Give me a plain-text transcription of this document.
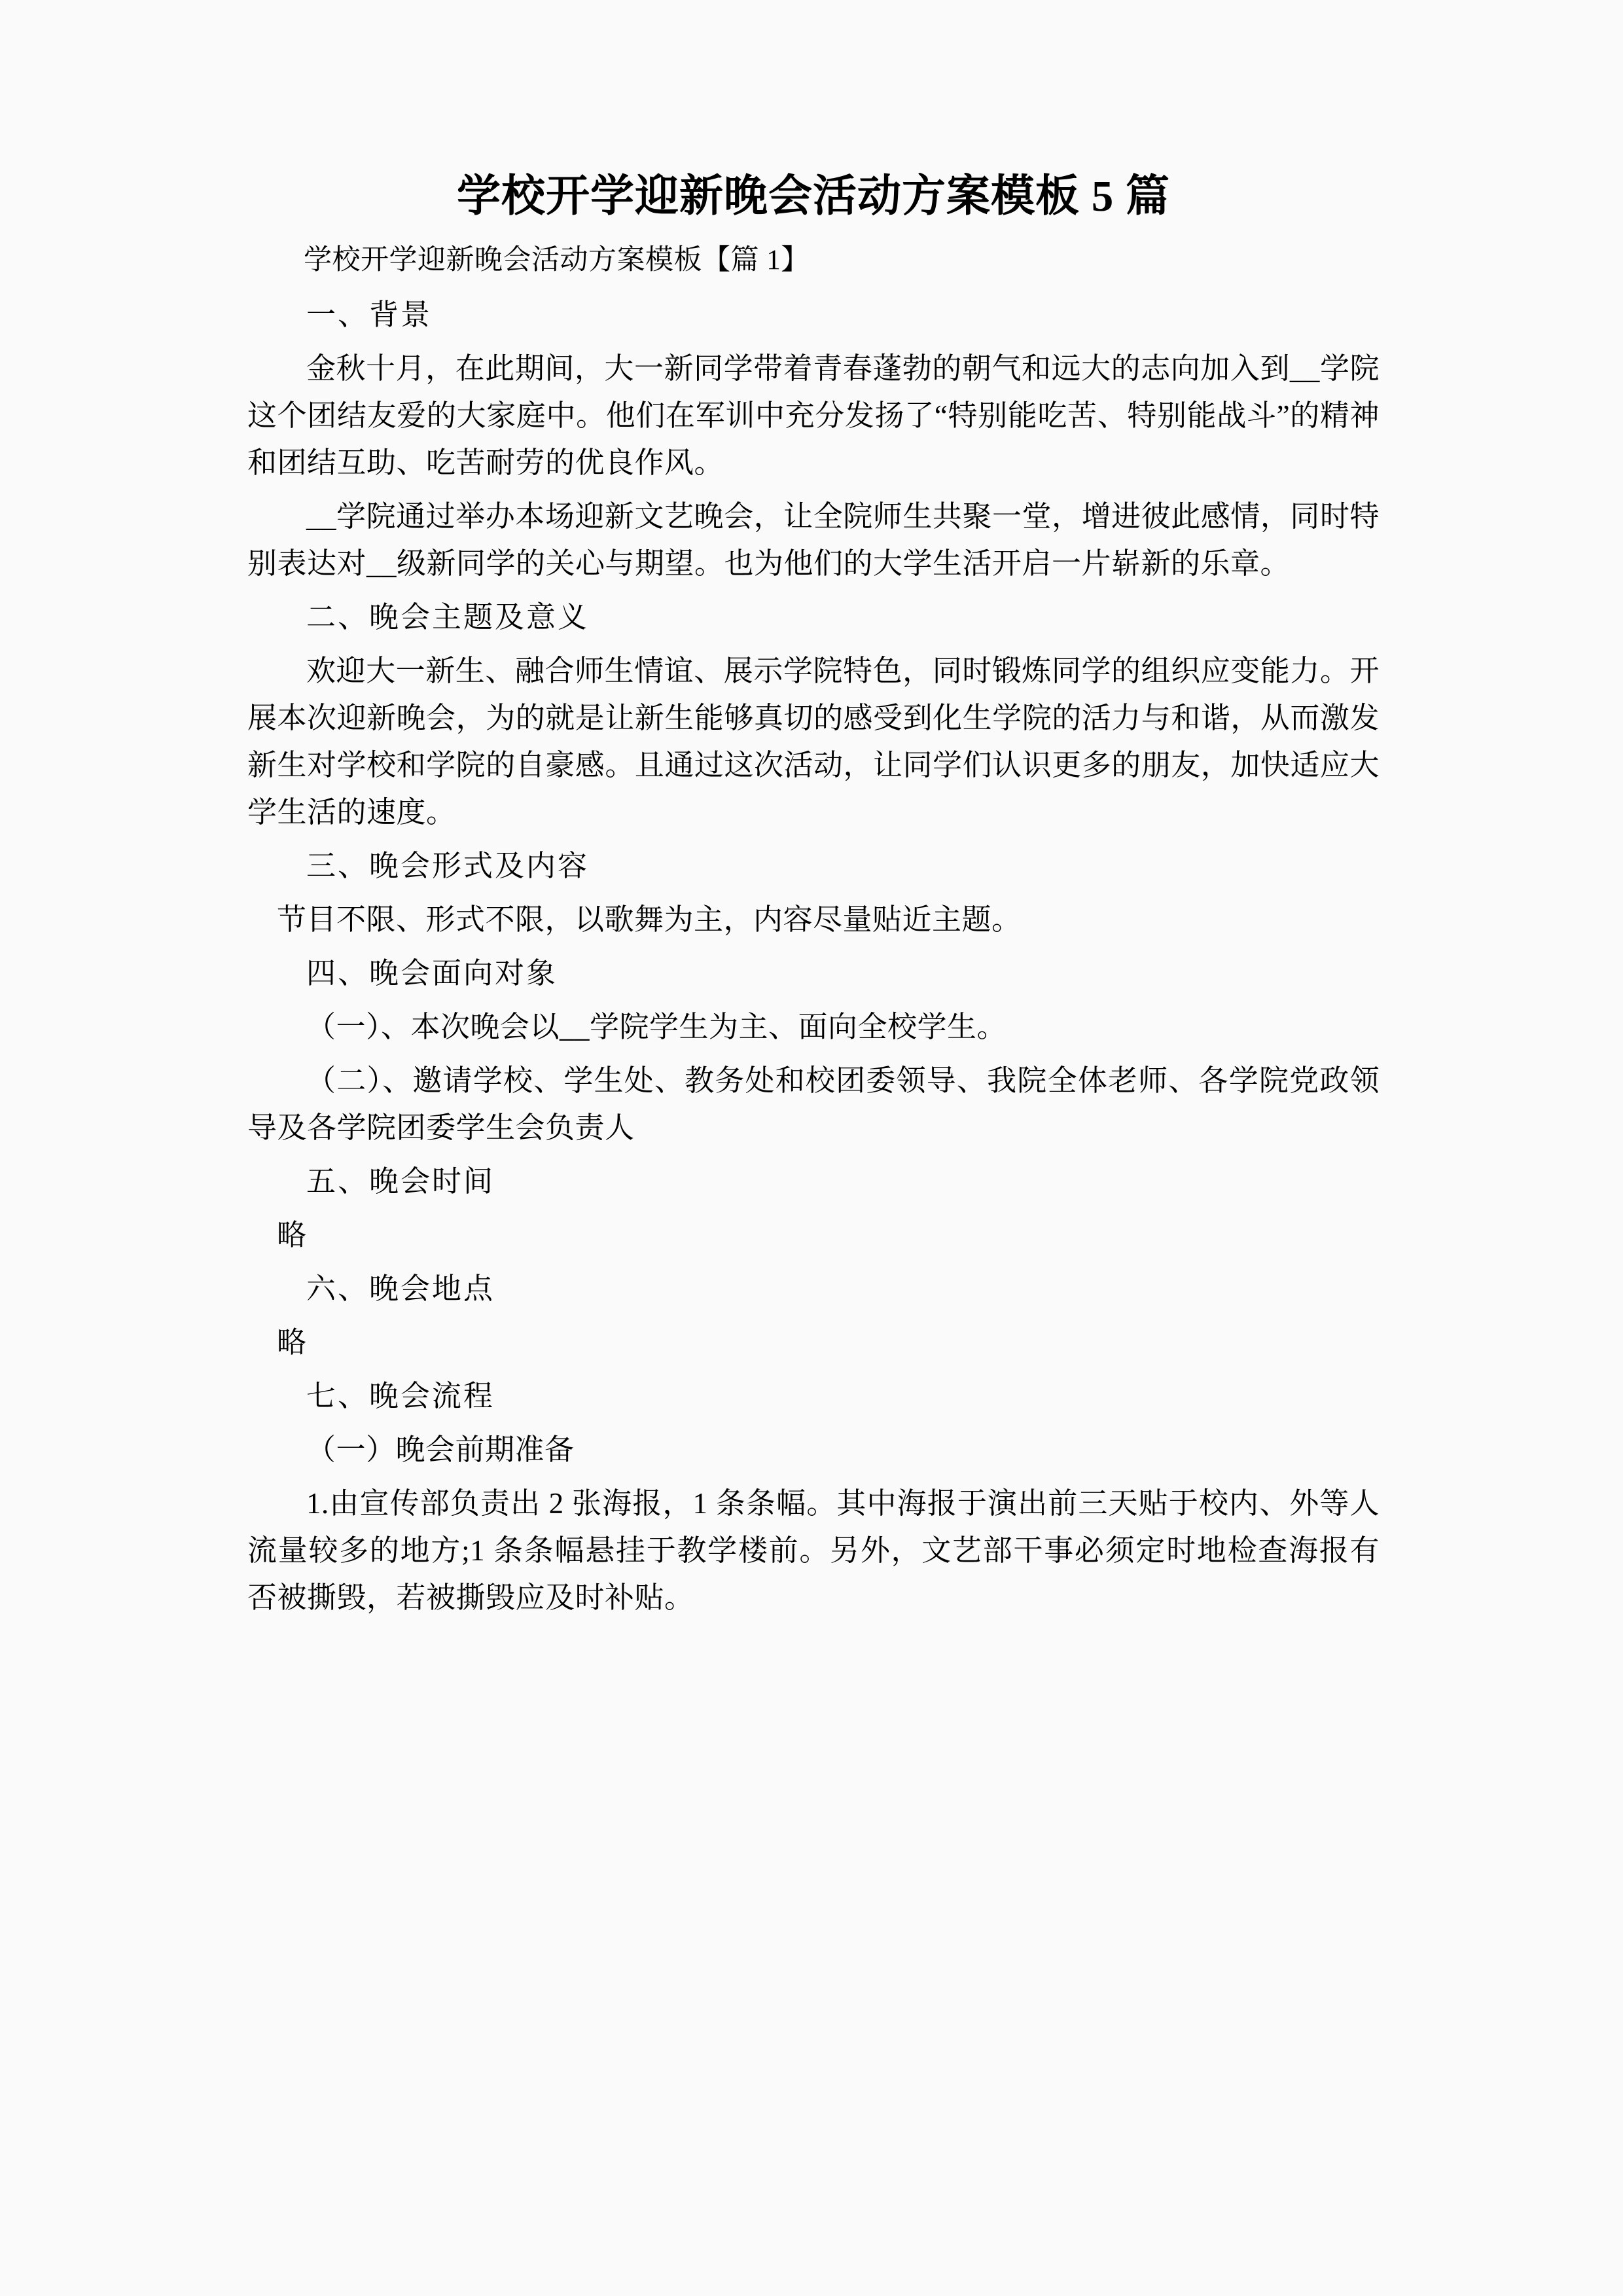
学校开学迎新晚会活动方案模板 5 篇

学校开学迎新晚会活动方案模板【篇 1】

一、背景

金秋十月，在此期间，大一新同学带着青春蓬勃的朝气和远大的志向加入到__学院这个团结友爱的大家庭中。他们在军训中充分发扬了“特别能吃苦、特别能战斗”的精神和团结互助、吃苦耐劳的优良作风。

__学院通过举办本场迎新文艺晚会，让全院师生共聚一堂，增进彼此感情，同时特别表达对__级新同学的关心与期望。也为他们的大学生活开启一片崭新的乐章。

二、晚会主题及意义

欢迎大一新生、融合师生情谊、展示学院特色，同时锻炼同学的组织应变能力。开展本次迎新晚会，为的就是让新生能够真切的感受到化生学院的活力与和谐，从而激发新生对学校和学院的自豪感。且通过这次活动，让同学们认识更多的朋友，加快适应大学生活的速度。

三、晚会形式及内容

节目不限、形式不限，以歌舞为主，内容尽量贴近主题。

四、晚会面向对象

（一）、本次晚会以__学院学生为主、面向全校学生。

（二）、邀请学校、学生处、教务处和校团委领导、我院全体老师、各学院党政领导及各学院团委学生会负责人

五、晚会时间

略

六、晚会地点

略

七、晚会流程

（一）晚会前期准备

1.由宣传部负责出 2 张海报，1 条条幅。其中海报于演出前三天贴于校内、外等人流量较多的地方;1 条条幅悬挂于教学楼前。另外，文艺部干事必须定时地检查海报有否被撕毁，若被撕毁应及时补贴。
